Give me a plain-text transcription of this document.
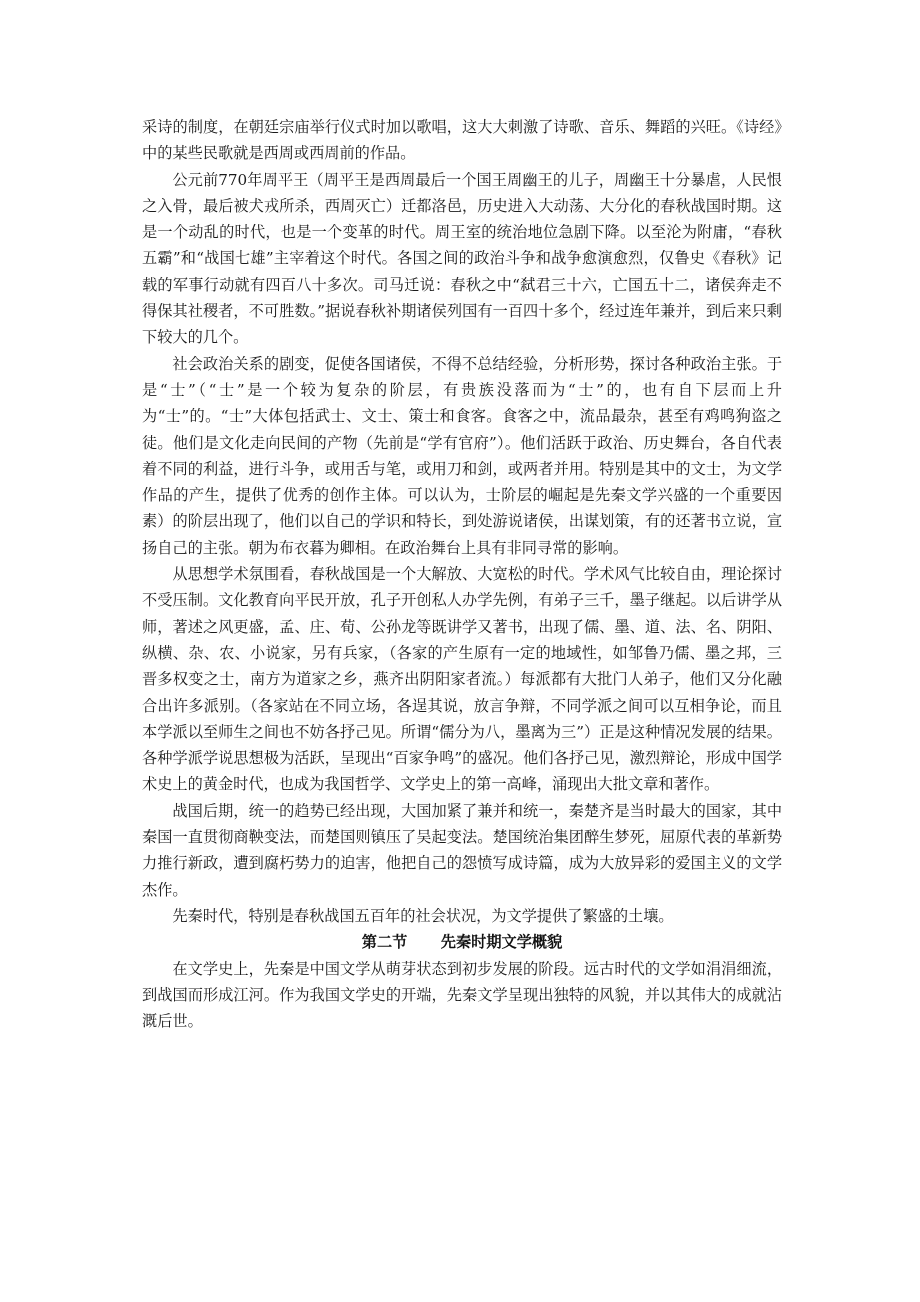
采诗的制度，在朝廷宗庙举行仪式时加以歌唱，这大大刺激了诗歌、音乐、舞蹈的兴旺。《诗经》中的某些民歌就是西周或西周前的作品。

公元前770年周平王（周平王是西周最后一个国王周幽王的儿子，周幽王十分暴虐，人民恨之入骨，最后被犬戎所杀，西周灭亡）迁都洛邑，历史进入大动荡、大分化的春秋战国时期。这是一个动乱的时代，也是一个变革的时代。周王室的统治地位急剧下降。以至沦为附庸，“春秋五霸”和“战国七雄”主宰着这个时代。各国之间的政治斗争和战争愈演愈烈，仅鲁史《春秋》记载的军事行动就有四百八十多次。司马迁说：春秋之中“弑君三十六，亡国五十二，诸侯奔走不得保其社稷者，不可胜数。”据说春秋补期诸侯列国有一百四十多个，经过连年兼并，到后来只剩下较大的几个。

社会政治关系的剧变，促使各国诸侯，不得不总结经验，分析形势，探讨各种政治主张。于是“士”（“士”是一个较为复杂的阶层，有贵族没落而为“士”的，也有自下层而上升为“士”的。“士”大体包括武士、文士、策士和食客。食客之中，流品最杂，甚至有鸡鸣狗盗之徒。他们是文化走向民间的产物（先前是“学有官府”）。他们活跃于政治、历史舞台，各自代表着不同的利益，进行斗争，或用舌与笔，或用刀和剑，或两者并用。特别是其中的文士，为文学作品的产生，提供了优秀的创作主体。可以认为，士阶层的崛起是先秦文学兴盛的一个重要因素）的阶层出现了，他们以自己的学识和特长，到处游说诸侯，出谋划策，有的还著书立说，宣扬自己的主张。朝为布衣暮为卿相。在政治舞台上具有非同寻常的影响。

从思想学术氛围看，春秋战国是一个大解放、大宽松的时代。学术风气比较自由，理论探讨不受压制。文化教育向平民开放，孔子开创私人办学先例，有弟子三千，墨子继起。以后讲学从师，著述之风更盛，孟、庄、荀、公孙龙等既讲学又著书，出现了儒、墨、道、法、名、阴阳、纵横、杂、农、小说家，另有兵家，（各家的产生原有一定的地域性，如邹鲁乃儒、墨之邦，三晋多权变之士，南方为道家之乡，燕齐出阴阳家者流。）每派都有大批门人弟子，他们又分化融合出许多派别。（各家站在不同立场，各逞其说，放言争辩，不同学派之间可以互相争论，而且本学派以至师生之间也不妨各抒己见。所谓“儒分为八，墨离为三”）正是这种情况发展的结果。各种学派学说思想极为活跃，呈现出“百家争鸣”的盛况。他们各抒己见，激烈辩论，形成中国学术史上的黄金时代，也成为我国哲学、文学史上的第一高峰，涌现出大批文章和著作。

战国后期，统一的趋势已经出现，大国加紧了兼并和统一，秦楚齐是当时最大的国家，其中秦国一直贯彻商鞅变法，而楚国则镇压了吴起变法。楚国统治集团醉生梦死，屈原代表的革新势力推行新政，遭到腐朽势力的迫害，他把自己的怨愤写成诗篇，成为大放异彩的爱国主义的文学杰作。

先秦时代，特别是春秋战国五百年的社会状况，为文学提供了繁盛的土壤。

第二节 先秦时期文学概貌

在文学史上，先秦是中国文学从萌芽状态到初步发展的阶段。远古时代的文学如涓涓细流，到战国而形成江河。作为我国文学史的开端，先秦文学呈现出独特的风貌，并以其伟大的成就沾溉后世。
